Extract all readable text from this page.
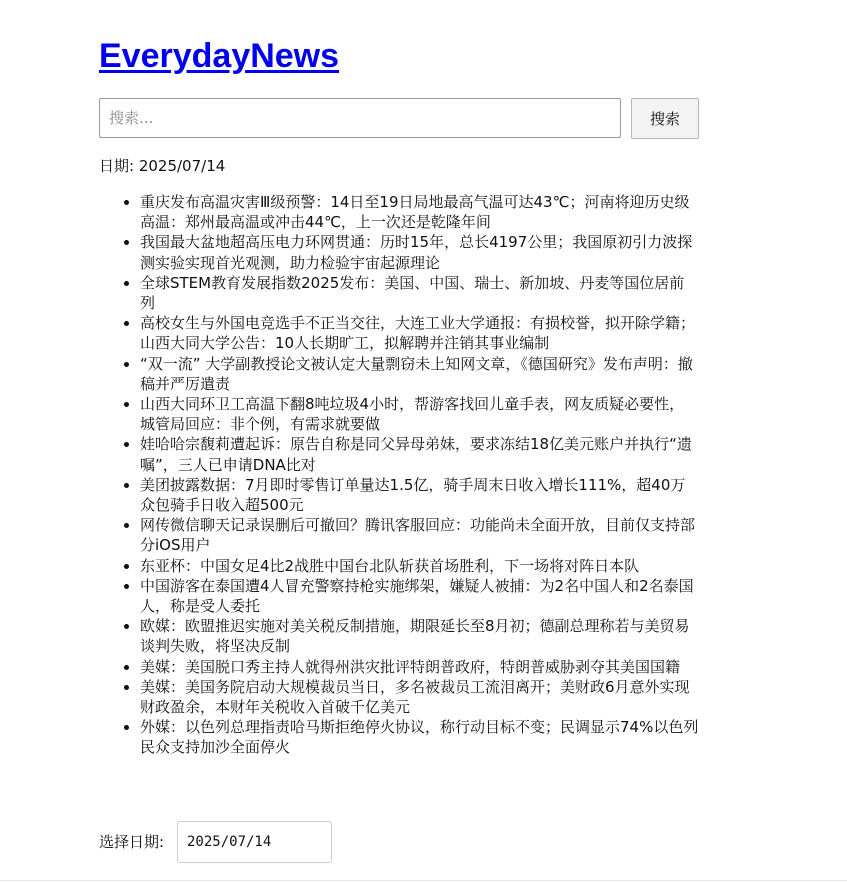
EverydayNews
搜索...
搜索
日期: 2025/07/14
• 重庆发布高温灾害Ⅲ级预警：14日至19日局地最高气温可达43℃；河南将迎历史级高温：郑州最高温或冲击44℃，上一次还是乾隆年间
• 我国最大盆地超高压电力环网贯通：历时15年，总长4197公里；我国原初引力波探测实验实现首光观测，助力检验宇宙起源理论
• 全球STEM教育发展指数2025发布：美国、中国、瑞士、新加坡、丹麦等国位居前列
• 高校女生与外国电竞选手不正当交往，大连工业大学通报：有损校誉，拟开除学籍；山西大同大学公告：10人长期旷工，拟解聘并注销其事业编制
• “双一流” 大学副教授论文被认定大量剽窃未上知网文章，《德国研究》发布声明：撤稿并严厉遣责
• 山西大同环卫工高温下翻8吨垃圾4小时，帮游客找回儿童手表，网友质疑必要性，城管局回应：非个例，有需求就要做
• 娃哈哈宗馥莉遭起诉：原告自称是同父异母弟妹，要求冻结18亿美元账户并执行“遗嘱”，三人已申请DNA比对
• 美团披露数据：7月即时零售订单量达1.5亿，骑手周末日收入增长111%，超40万众包骑手日收入超500元
• 网传微信聊天记录误删后可撤回？腾讯客服回应：功能尚未全面开放，目前仅支持部分iOS用户
• 东亚杯：中国女足4比2战胜中国台北队斩获首场胜利，下一场将对阵日本队
• 中国游客在泰国遭4人冒充警察持枪实施绑架，嫌疑人被捕：为2名中国人和2名泰国人，称是受人委托
• 欧媒：欧盟推迟实施对美关税反制措施，期限延长至8月初；德副总理称若与美贸易谈判失败，将坚决反制
• 美媒：美国脱口秀主持人就得州洪灾批评特朗普政府，特朗普威胁剥夺其美国国籍
• 美媒：美国务院启动大规模裁员当日，多名被裁员工流泪离开；美财政6月意外实现财政盈余，本财年关税收入首破千亿美元
• 外媒：以色列总理指责哈马斯拒绝停火协议，称行动目标不变；民调显示74%以色列民众支持加沙全面停火
选择日期:	2025/07/14
